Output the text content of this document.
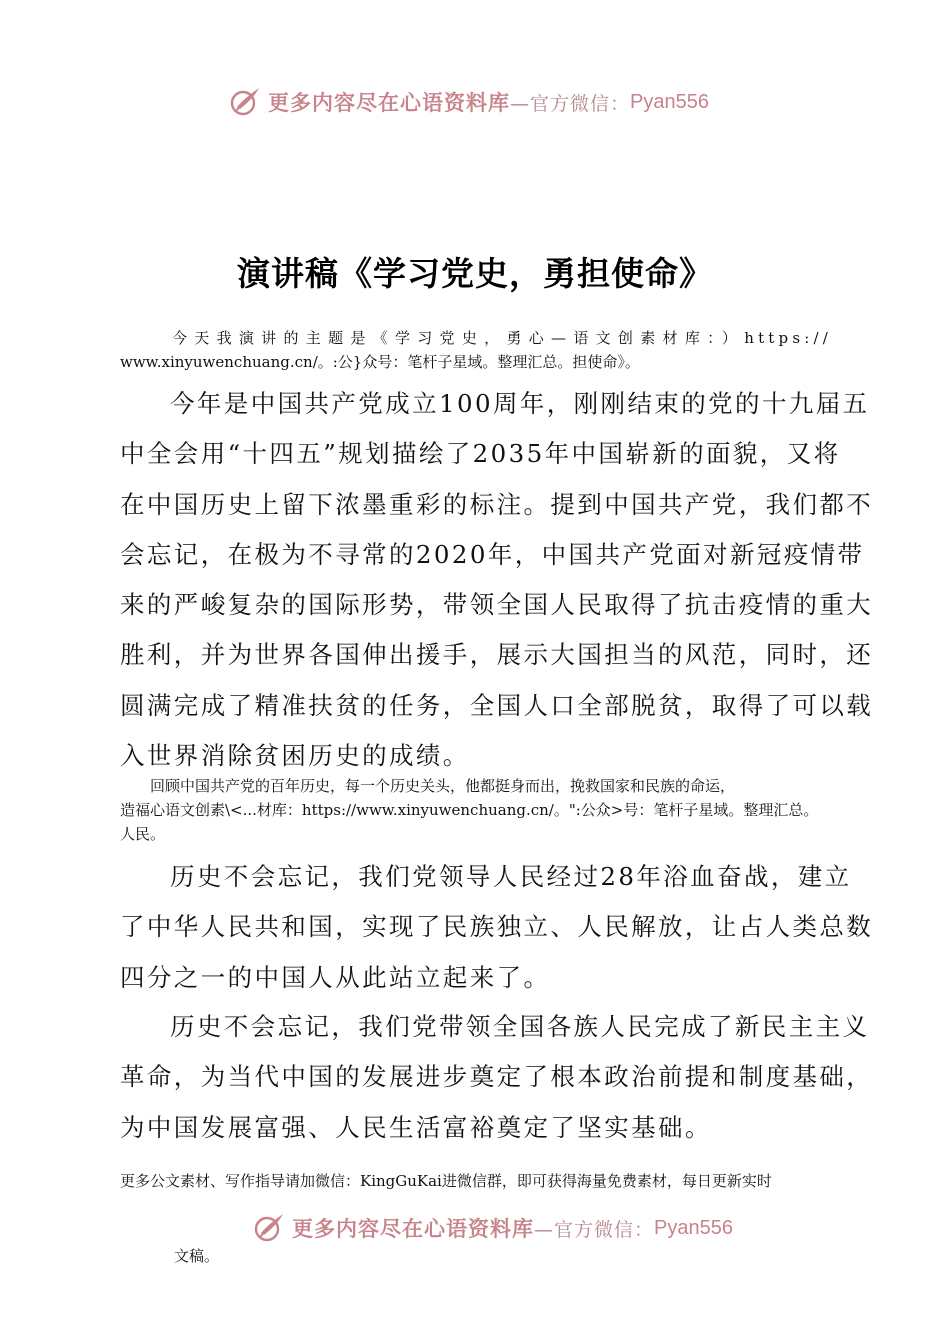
更多内容尽在心语资料库 —官方微信： Pyan556
演讲稿《学习党史，勇担使命》
今天我演讲的主题是《学习党史，勇心—语文创素材库：）https://
www.xinyuwenchuang.cn/。:公}众号：笔杆子星域。整理汇总。担使命》。
今年是中国共产党成立100周年，刚刚结束的党的十九届五
中全会用“十四五”规划描绘了2035年中国崭新的面貌，又将
在中国历史上留下浓墨重彩的标注。提到中国共产党，我们都不
会忘记，在极为不寻常的2020年，中国共产党面对新冠疫情带
来的严峻复杂的国际形势，带领全国人民取得了抗击疫情的重大
胜利，并为世界各国伸出援手，展示大国担当的风范，同时，还
圆满完成了精准扶贫的任务，全国人口全部脱贫，取得了可以载
入世界消除贫困历史的成绩。
回顾中国共产党的百年历史，每一个历史关头，他都挺身而出，挽救国家和民族的命运，
造福心语文创素\<...材库：https://www.xinyuwenchuang.cn/。":公众>号：笔杆子星域。整理汇总。
人民。
历史不会忘记，我们党领导人民经过28年浴血奋战，建立
了中华人民共和国，实现了民族独立、人民解放，让占人类总数
四分之一的中国人从此站立起来了。
历史不会忘记，我们党带领全国各族人民完成了新民主主义
革命，为当代中国的发展进步奠定了根本政治前提和制度基础，
为中国发展富强、人民生活富裕奠定了坚实基础。
更多公文素材、写作指导请加微信：KingGuKai进微信群，即可获得海量免费素材，每日更新实时
更多内容尽在心语资料库 —官方微信： Pyan556
文稿。
